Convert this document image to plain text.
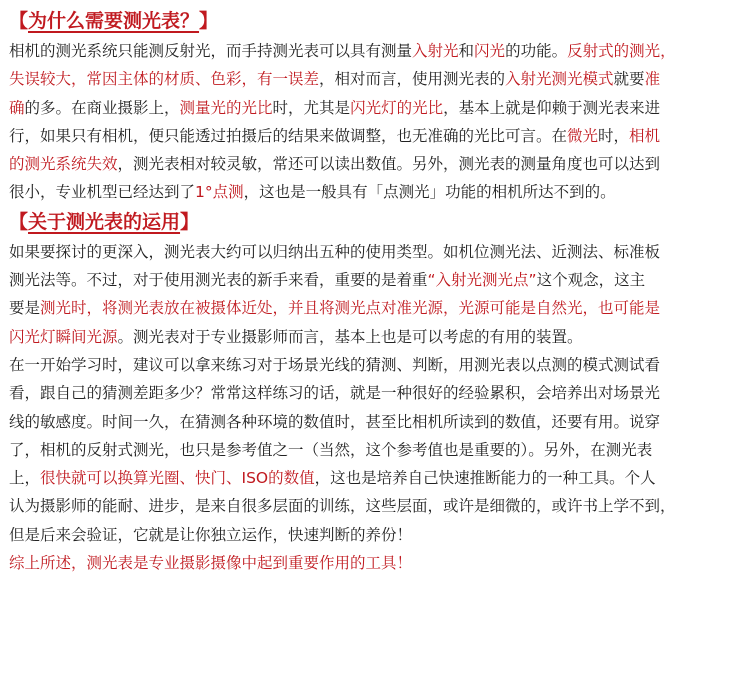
【为什么需要测光表？】

相机的测光系统只能测反射光，而手持测光表可以具有测量入射光和闪光的功能。反射式的测光，
失误较大，常因主体的材质、色彩，有一误差，相对而言，使用测光表的入射光测光模式就要准
确的多。在商业摄影上，测量光的光比时，尤其是闪光灯的光比，基本上就是仰赖于测光表来进
行，如果只有相机，便只能透过拍摄后的结果来做调整，也无准确的光比可言。在微光时，相机
的测光系统失效，测光表相对较灵敏，常还可以读出数值。另外，测光表的测量角度也可以达到
很小，专业机型已经达到了1°点测，这也是一般具有「点测光」功能的相机所达不到的。

【关于测光表的运用】

如果要探讨的更深入，测光表大约可以归纳出五种的使用类型。如机位测光法、近测法、标准板
测光法等。不过，对于使用测光表的新手来看，重要的是着重“入射光测光点”这个观念，这主
要是测光时，将测光表放在被摄体近处，并且将测光点对准光源，光源可能是自然光，也可能是
闪光灯瞬间光源。测光表对于专业摄影师而言，基本上也是可以考虑的有用的装置。

在一开始学习时，建议可以拿来练习对于场景光线的猜测、判断，用测光表以点测的模式测试看
看，跟自己的猜测差距多少？常常这样练习的话，就是一种很好的经验累积，会培养出对场景光
线的敏感度。时间一久，在猜测各种环境的数值时，甚至比相机所读到的数值，还要有用。说穿
了，相机的反射式测光，也只是参考值之一（当然，这个参考值也是重要的）。另外，在测光表
上，很快就可以换算光圈、快门、ISO的数值，这也是培养自己快速推断能力的一种工具。个人
认为摄影师的能耐、进步，是来自很多层面的训练，这些层面，或许是细微的，或许书上学不到，
但是后来会验证，它就是让你独立运作，快速判断的养份！

综上所述，测光表是专业摄影摄像中起到重要作用的工具！
